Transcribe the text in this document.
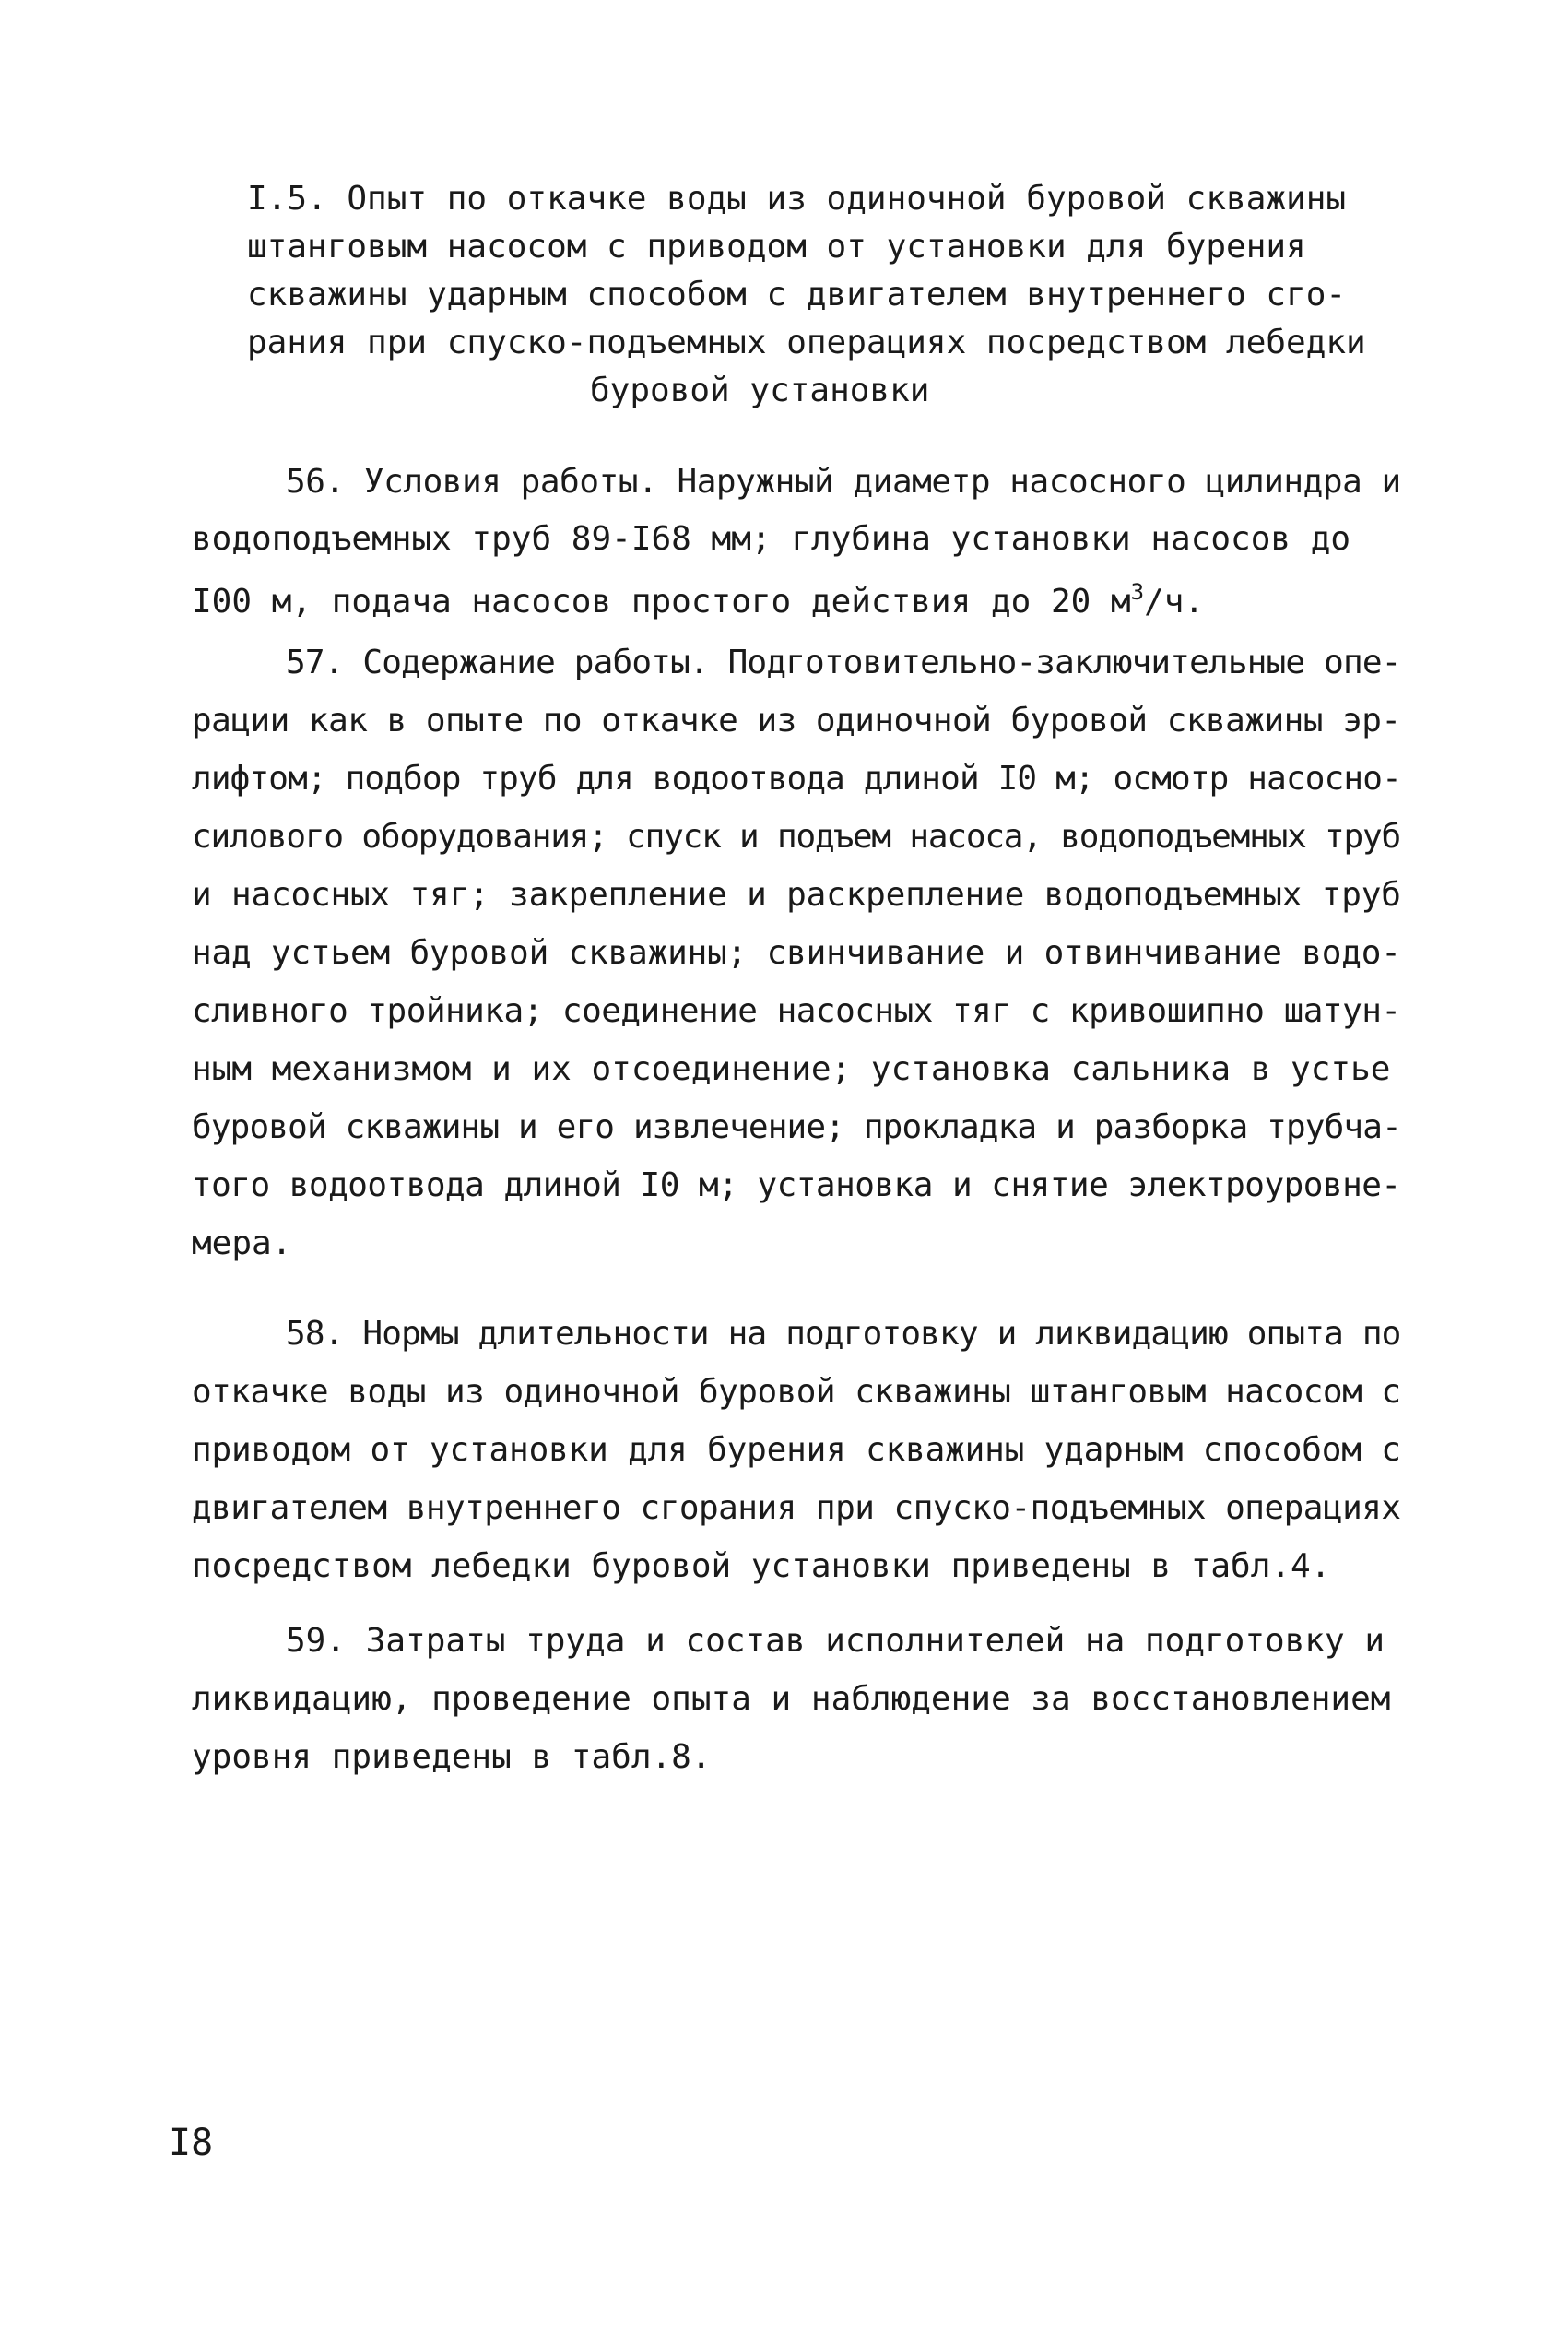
I.5. Опыт по откачке воды из одиночной буровой скважины
штанговым насосом с приводом от установки для бурения
скважины ударным способом с двигателем внутреннего сго-
рания при спуско-подъемных операциях посредством лебедки
буровой установки
56. Условия работы. Наружный диаметр насосного цилиндра и
водоподъемных труб 89-I68 мм; глубина установки насосов до
I00 м, подача насосов простого действия до 20 $м^3/ч$.
57. Содержание работы. Подготовительно-заключительные опе-
рации как в опыте по откачке из одиночной буровой скважины эр-
лифтом; подбор труб для водоотвода длиной I0 м; осмотр насосно-
силового оборудования; спуск и подъем насоса, водоподъемных труб
и насосных тяг; закрепление и раскрепление водоподъемных труб
над устьем буровой скважины; свинчивание и отвинчивание водо-
сливного тройника; соединение насосных тяг с кривошипно шатун-
ным механизмом и их отсоединение; установка сальника в устье
буровой скважины и его извлечение; прокладка и разборка трубча-
того водоотвода длиной I0 м; установка и снятие электроуровне-
мера.
58. Нормы длительности на подготовку и ликвидацию опыта по
откачке воды из одиночной буровой скважины штанговым насосом с
приводом от установки для бурения скважины ударным способом с
двигателем внутреннего сгорания при спуско-подъемных операциях
посредством лебедки буровой установки приведены в табл.4.
59. Затраты труда и состав исполнителей на подготовку и
ликвидацию, проведение опыта и наблюдение за восстановлением
уровня приведены в табл.8.
I8
